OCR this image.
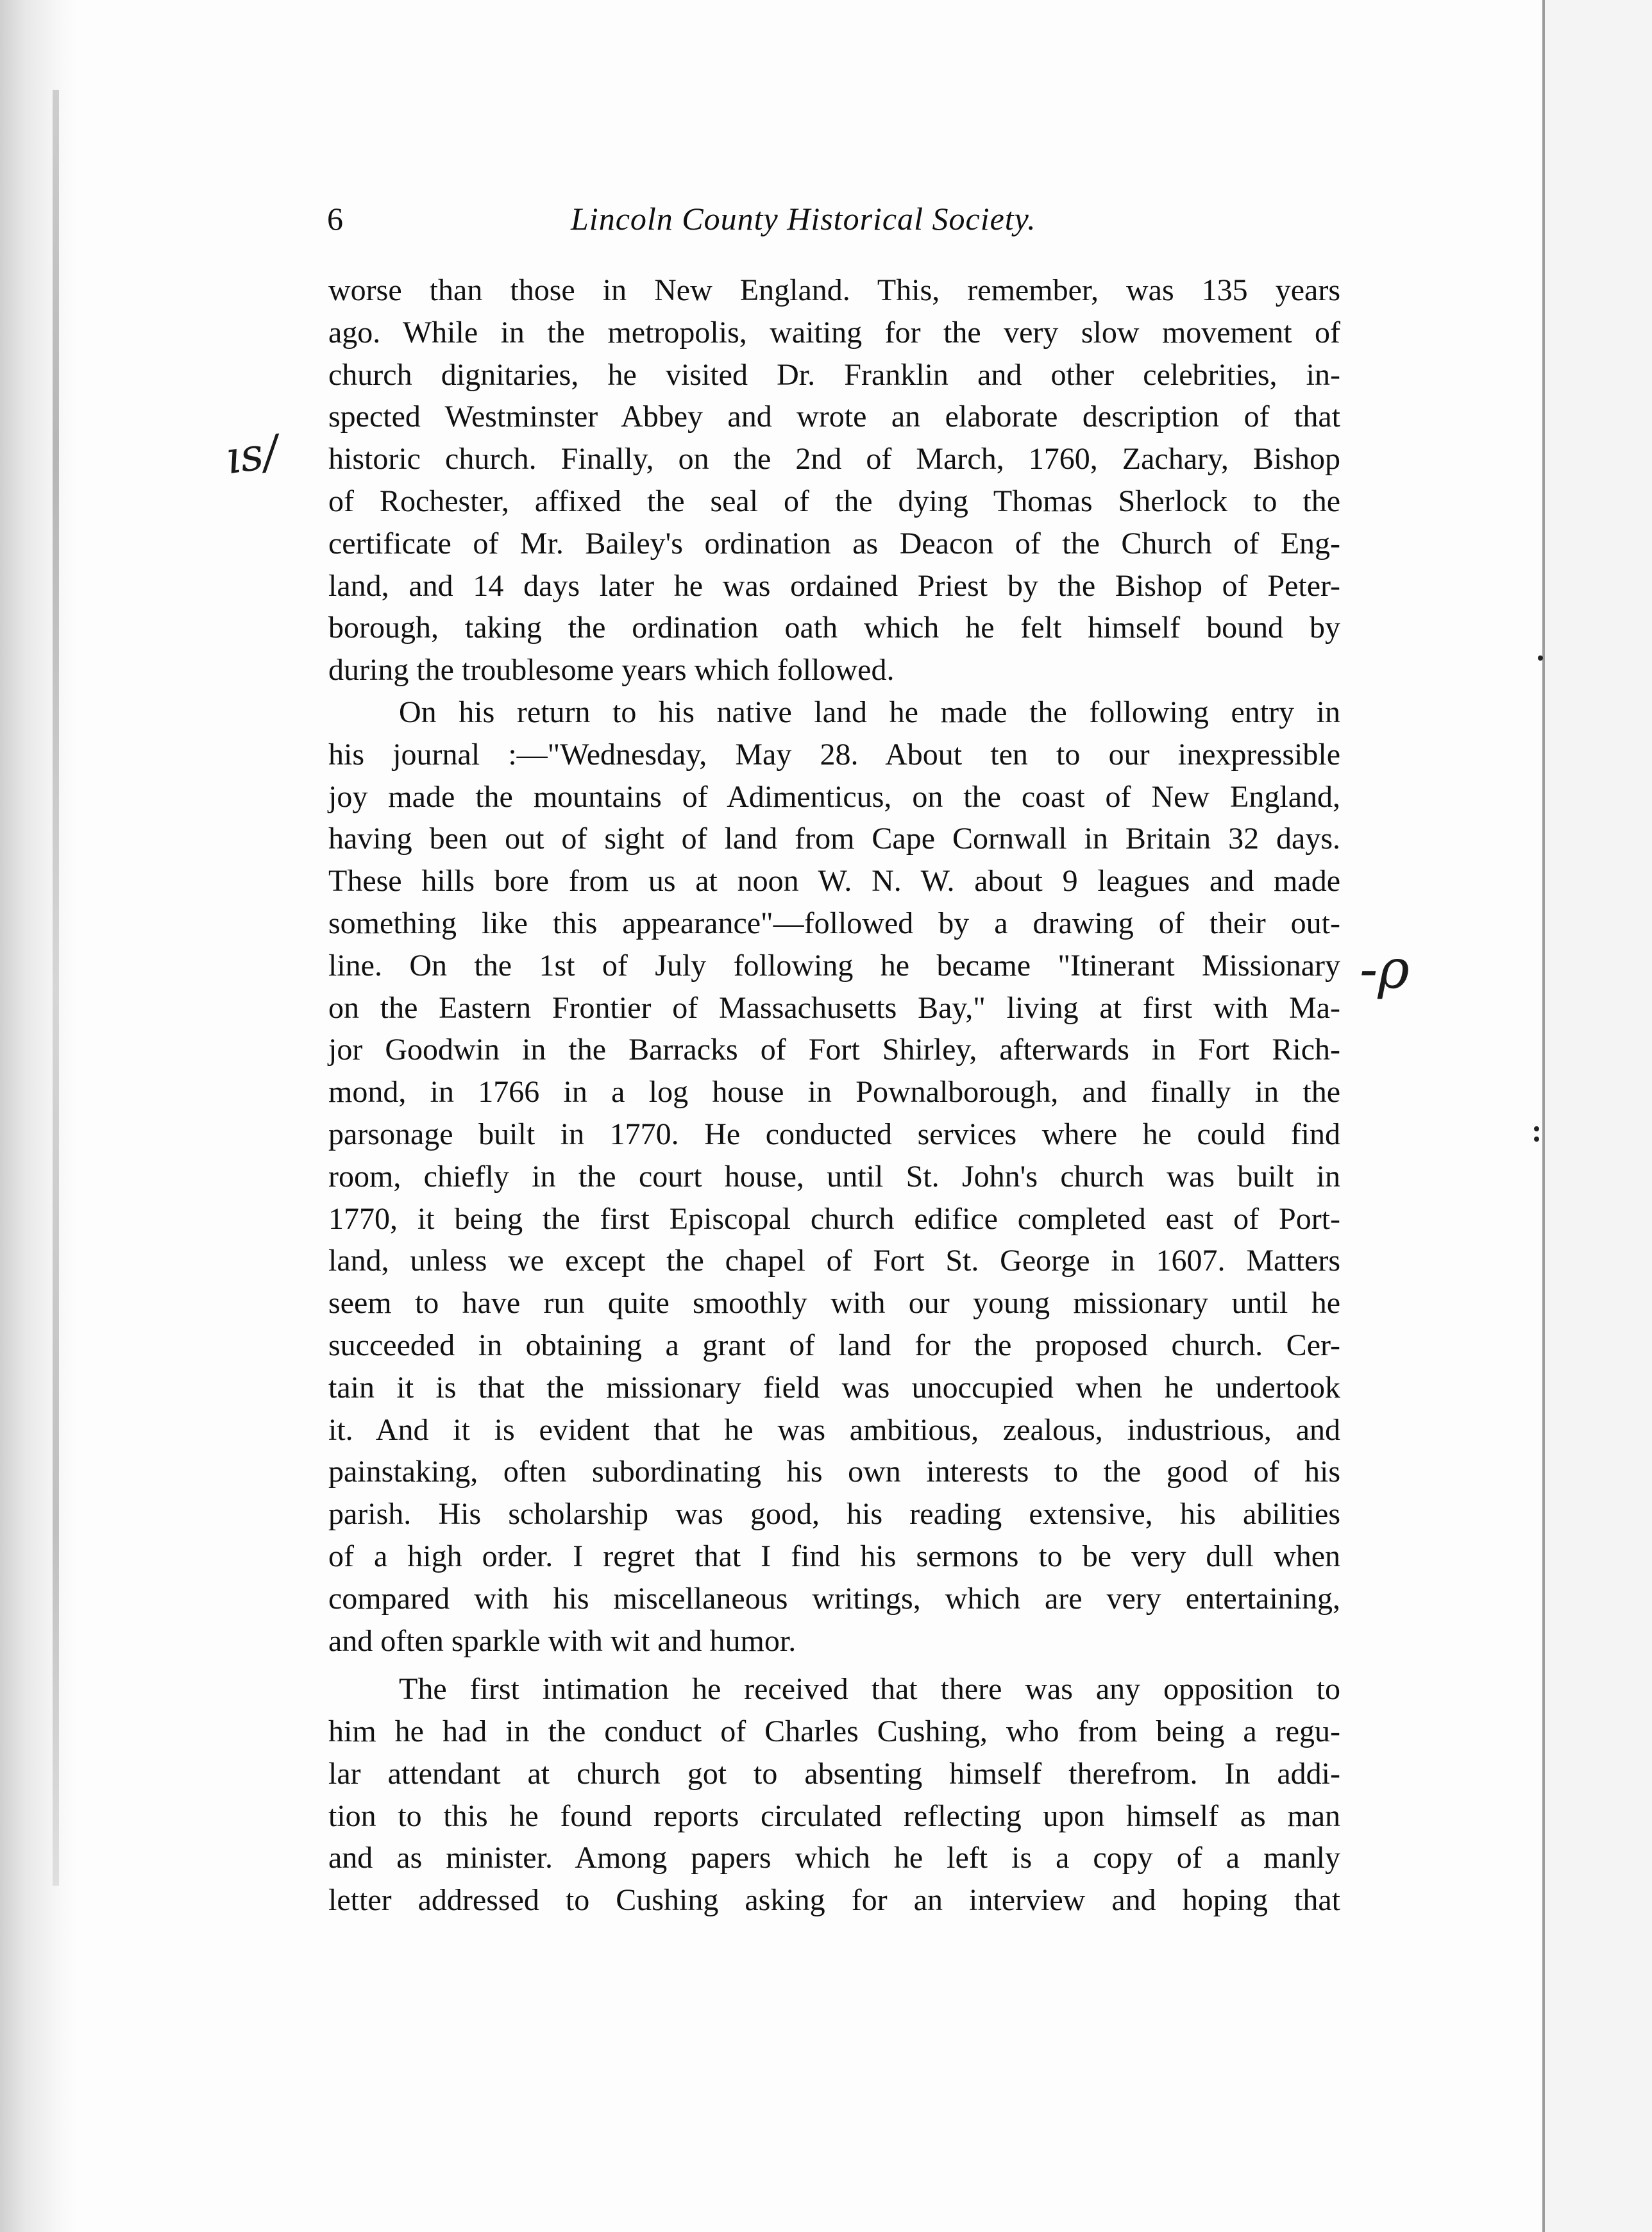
6	Lincoln County Historical Society.
ıs/
-ρ

worse than those in New England. This, remember, was 135 years
ago. While in the metropolis, waiting for the very slow movement of
church dignitaries, he visited Dr. Franklin and other celebrities, in-
spected Westminster Abbey and wrote an elaborate description of that
historic church. Finally, on the 2nd of March, 1760, Zachary, Bishop
of Rochester, affixed the seal of the dying Thomas Sherlock to the
certificate of Mr. Bailey's ordination as Deacon of the Church of Eng-
land, and 14 days later he was ordained Priest by the Bishop of Peter-
borough, taking the ordination oath which he felt himself bound by
during the troublesome years which followed.

On his return to his native land he made the following entry in
his journal :—"Wednesday, May 28. About ten to our inexpressible
joy made the mountains of Adimenticus, on the coast of New England,
having been out of sight of land from Cape Cornwall in Britain 32 days.
These hills bore from us at noon W. N. W. about 9 leagues and made
something like this appearance"—followed by a drawing of their out-
line. On the 1st of July following he became "Itinerant Missionary
on the Eastern Frontier of Massachusetts Bay," living at first with Ma-
jor Goodwin in the Barracks of Fort Shirley, afterwards in Fort Rich-
mond, in 1766 in a log house in Pownalborough, and finally in the
parsonage built in 1770. He conducted services where he could find
room, chiefly in the court house, until St. John's church was built in
1770, it being the first Episcopal church edifice completed east of Port-
land, unless we except the chapel of Fort St. George in 1607. Matters
seem to have run quite smoothly with our young missionary until he
succeeded in obtaining a grant of land for the proposed church. Cer-
tain it is that the missionary field was unoccupied when he undertook
it. And it is evident that he was ambitious, zealous, industrious, and
painstaking, often subordinating his own interests to the good of his
parish. His scholarship was good, his reading extensive, his abilities
of a high order. I regret that I find his sermons to be very dull when
compared with his miscellaneous writings, which are very entertaining,
and often sparkle with wit and humor.

The first intimation he received that there was any opposition to
him he had in the conduct of Charles Cushing, who from being a regu-
lar attendant at church got to absenting himself therefrom. In addi-
tion to this he found reports circulated reflecting upon himself as man
and as minister. Among papers which he left is a copy of a manly
letter addressed to Cushing asking for an interview and hoping that
